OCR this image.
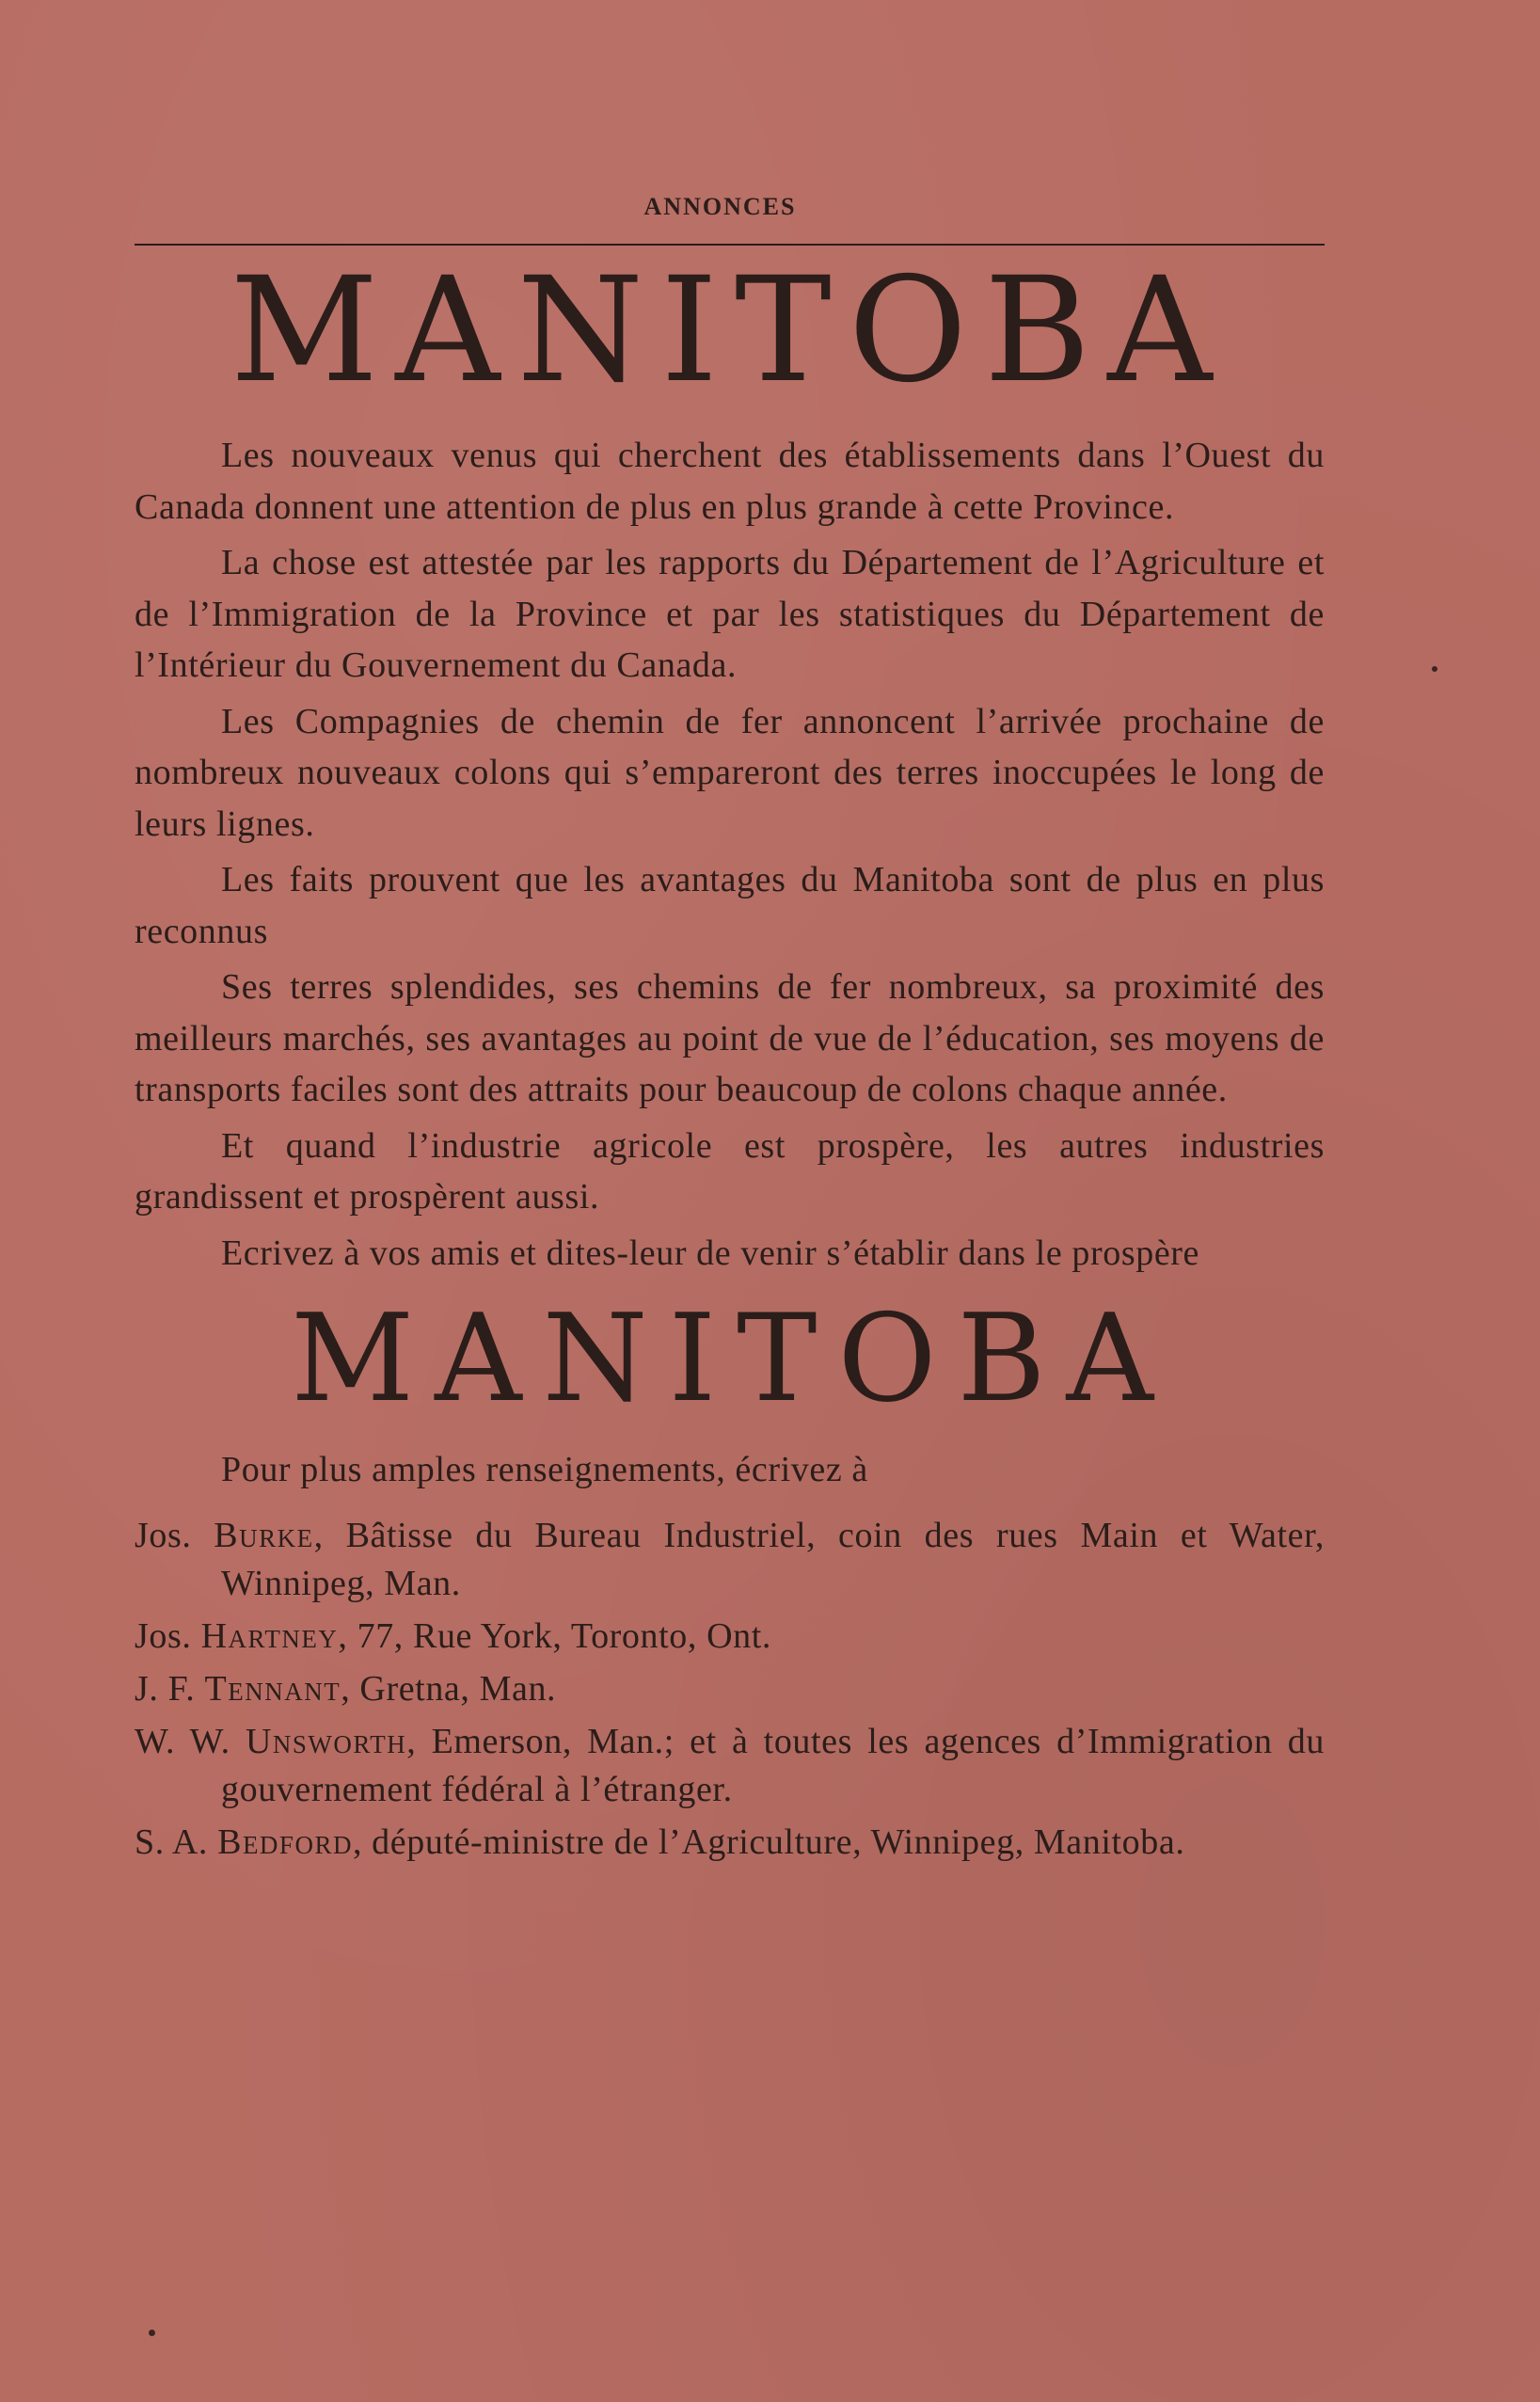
ANNONCES
MANITOBA

Les nouveaux venus qui cherchent des établissements dans l’Ouest du Canada donnent une attention de plus en plus grande à cette Province.

La chose est attestée par les rapports du Département de l’Agriculture et de l’Immigration de la Province et par les statistiques du Département de l’Intérieur du Gouvernement du Canada.

Les Compagnies de chemin de fer annoncent l’arrivée prochaine de nombreux nouveaux colons qui s’empareront des terres inoccupées le long de leurs lignes.

Les faits prouvent que les avantages du Manitoba sont de plus en plus reconnus

Ses terres splendides, ses chemins de fer nombreux, sa proximité des meilleurs marchés, ses avantages au point de vue de l’éducation, ses moyens de transports faciles sont des attraits pour beaucoup de colons chaque année.

Et quand l’industrie agricole est prospère, les autres industries grandissent et prospèrent aussi.

Ecrivez à vos amis et dites-leur de venir s’établir dans le prospère

MANITOBA

Pour plus amples renseignements, écrivez à

Jos. Burke, Bâtisse du Bureau Industriel, coin des rues Main et Water, Winnipeg, Man.
Jos. Hartney, 77, Rue York, Toronto, Ont.
J. F. Tennant, Gretna, Man.
W. W. Unsworth, Emerson, Man.; et à toutes les agences d’Immigration du gouvernement fédéral à l’étranger.
S. A. Bedford, député-ministre de l’Agriculture, Winnipeg, Manitoba.
